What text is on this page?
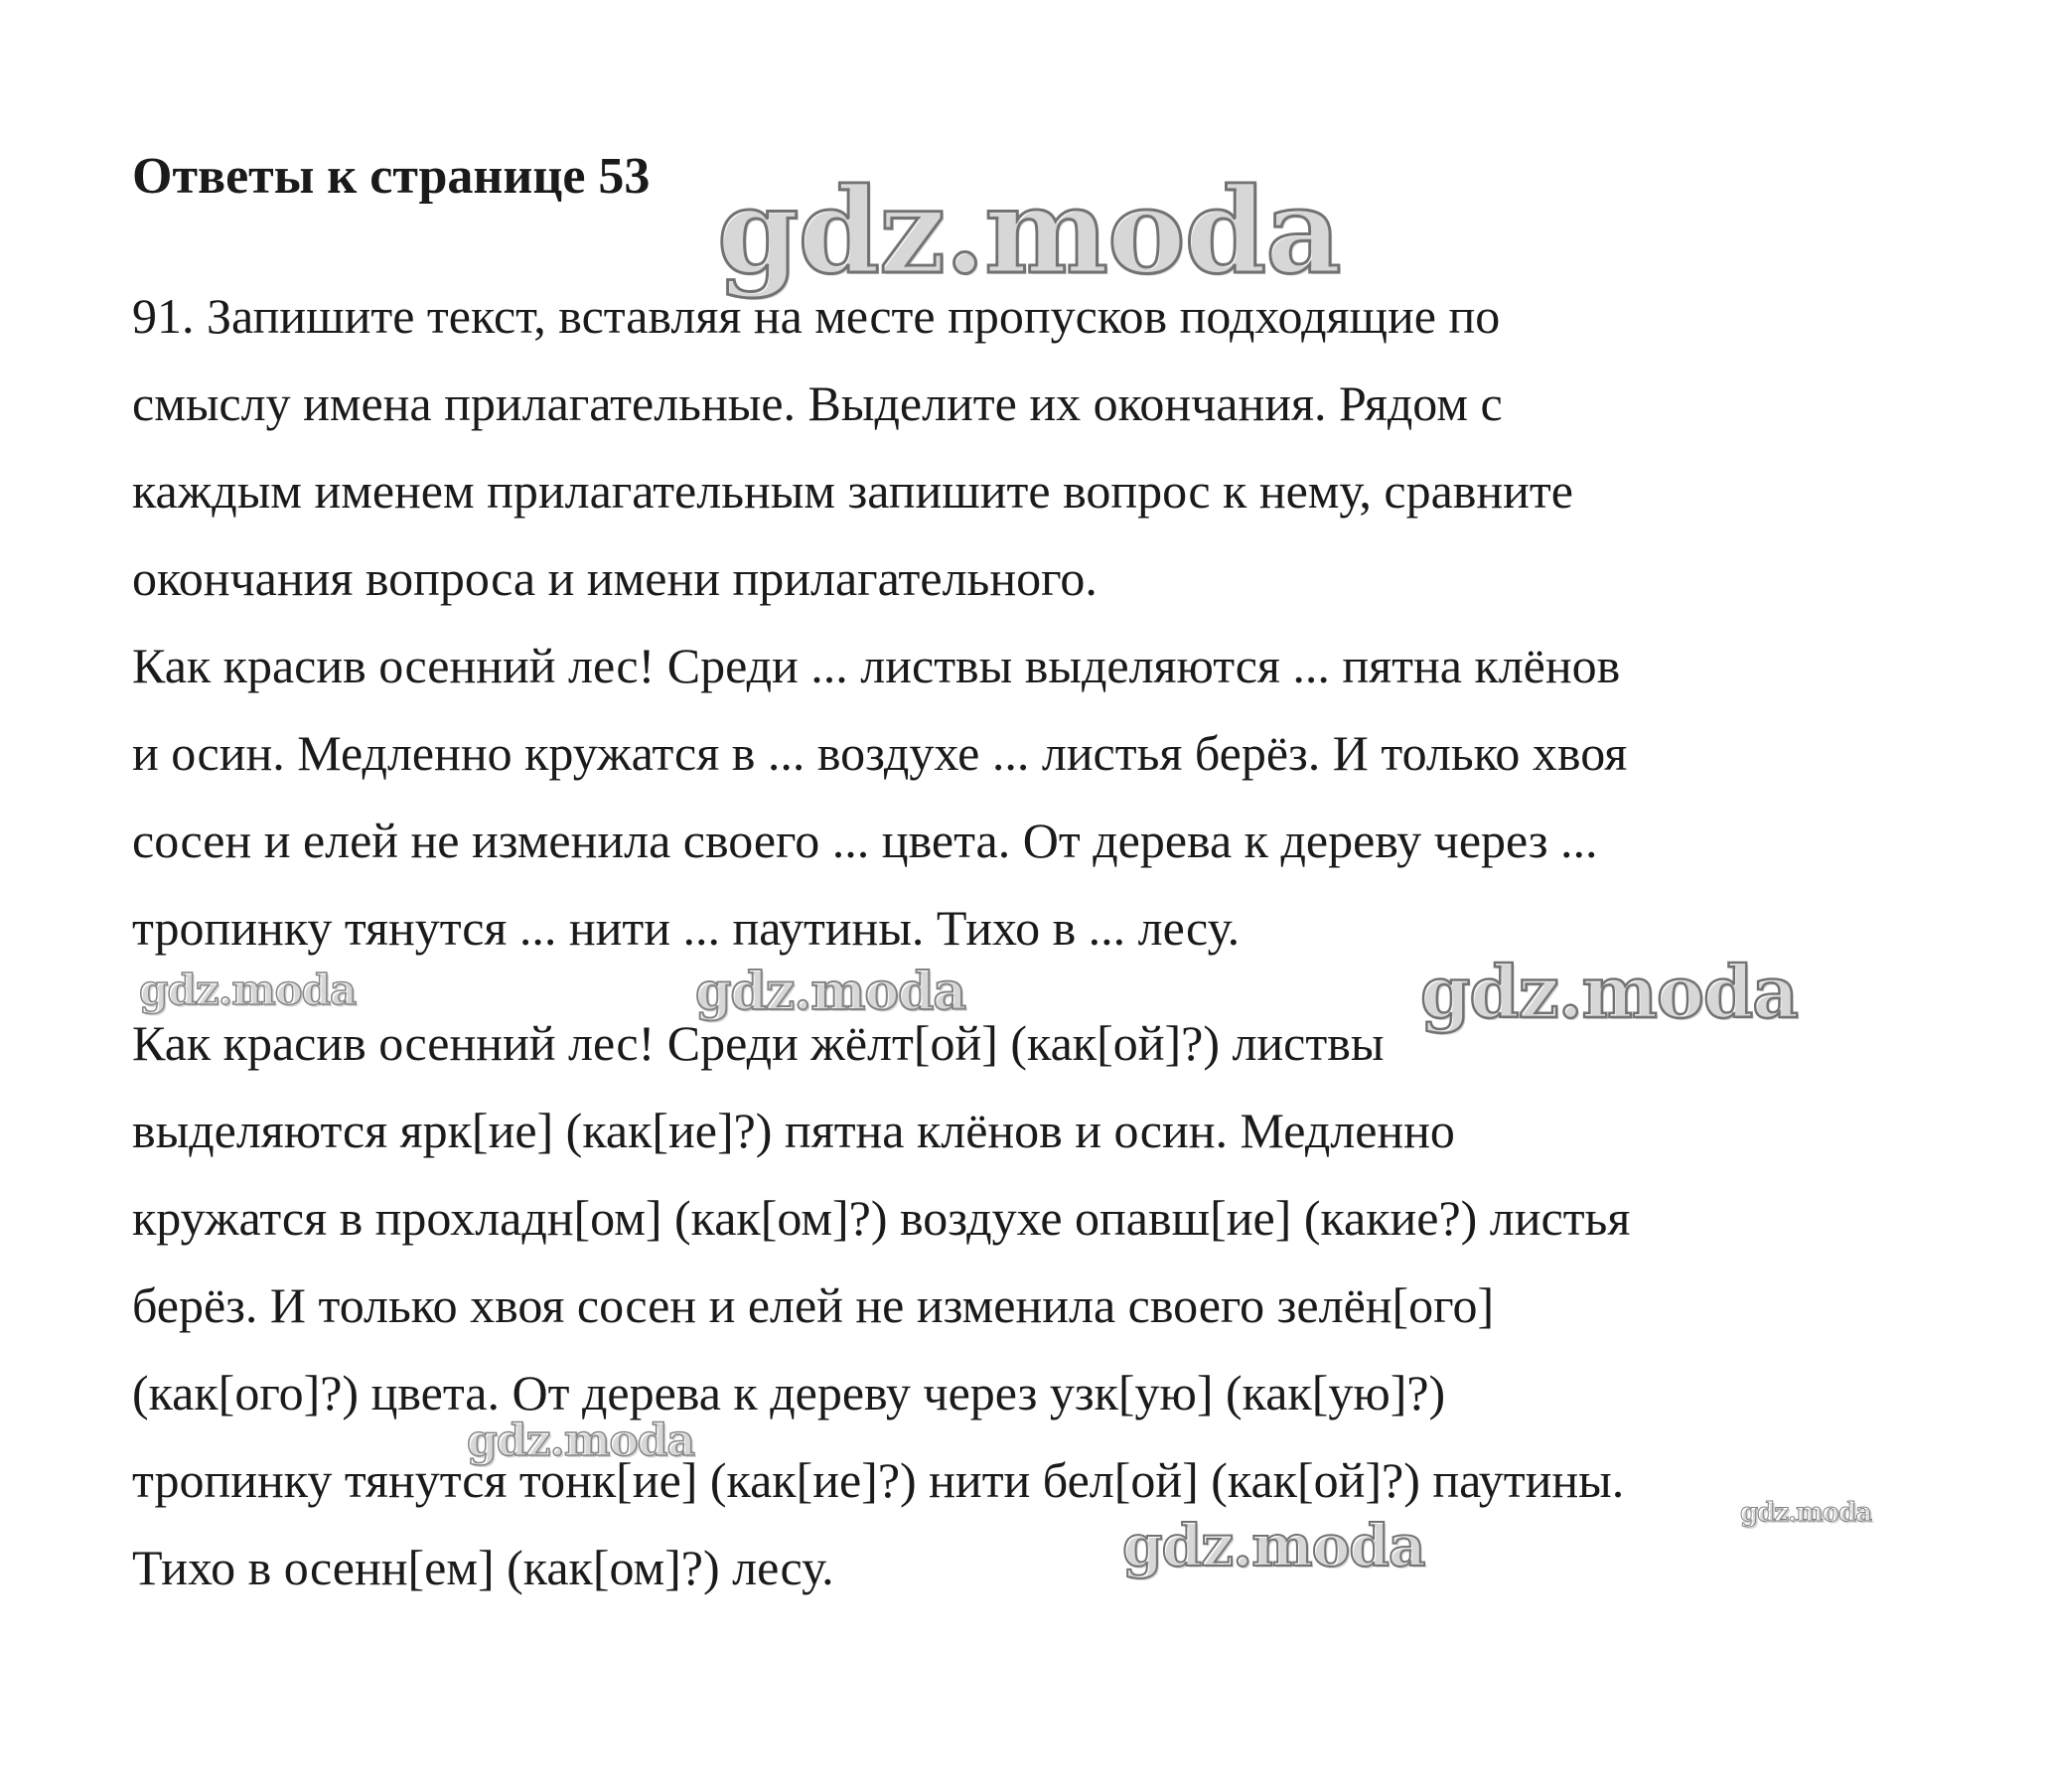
Ответы к странице 53
91. Запишите текст, вставляя на месте пропусков подходящие по
смыслу имена прилагательные. Выделите их окончания. Рядом с
каждым именем прилагательным запишите вопрос к нему, сравните
окончания вопроса и имени прилагательного.
Как красив осенний лес! Среди ... листвы выделяются ... пятна клёнов
и осин. Медленно кружатся в ... воздухе ... листья берёз. И только хвоя
сосен и елей не изменила своего ... цвета. От дерева к дереву через ...
тропинку тянутся ... нити ... паутины. Тихо в ... лесу.
Как красив осенний лес! Среди жёлт[ой] (как[ой]?) листвы
выделяются ярк[ие] (как[ие]?) пятна клёнов и осин. Медленно
кружатся в прохладн[ом] (как[ом]?) воздухе опавш[ие] (какие?) листья
берёз. И только хвоя сосен и елей не изменила своего зелён[ого]
(как[ого]?) цвета. От дерева к дереву через узк[ую] (как[ую]?)
тропинку тянутся тонк[ие] (как[ие]?) нити бел[ой] (как[ой]?) паутины.
Тихо в осенн[ем] (как[ом]?) лесу.
gdz.moda
gdz.moda	gdz.moda	gdz.moda
gdz.moda
gdz.moda
gdz.moda
